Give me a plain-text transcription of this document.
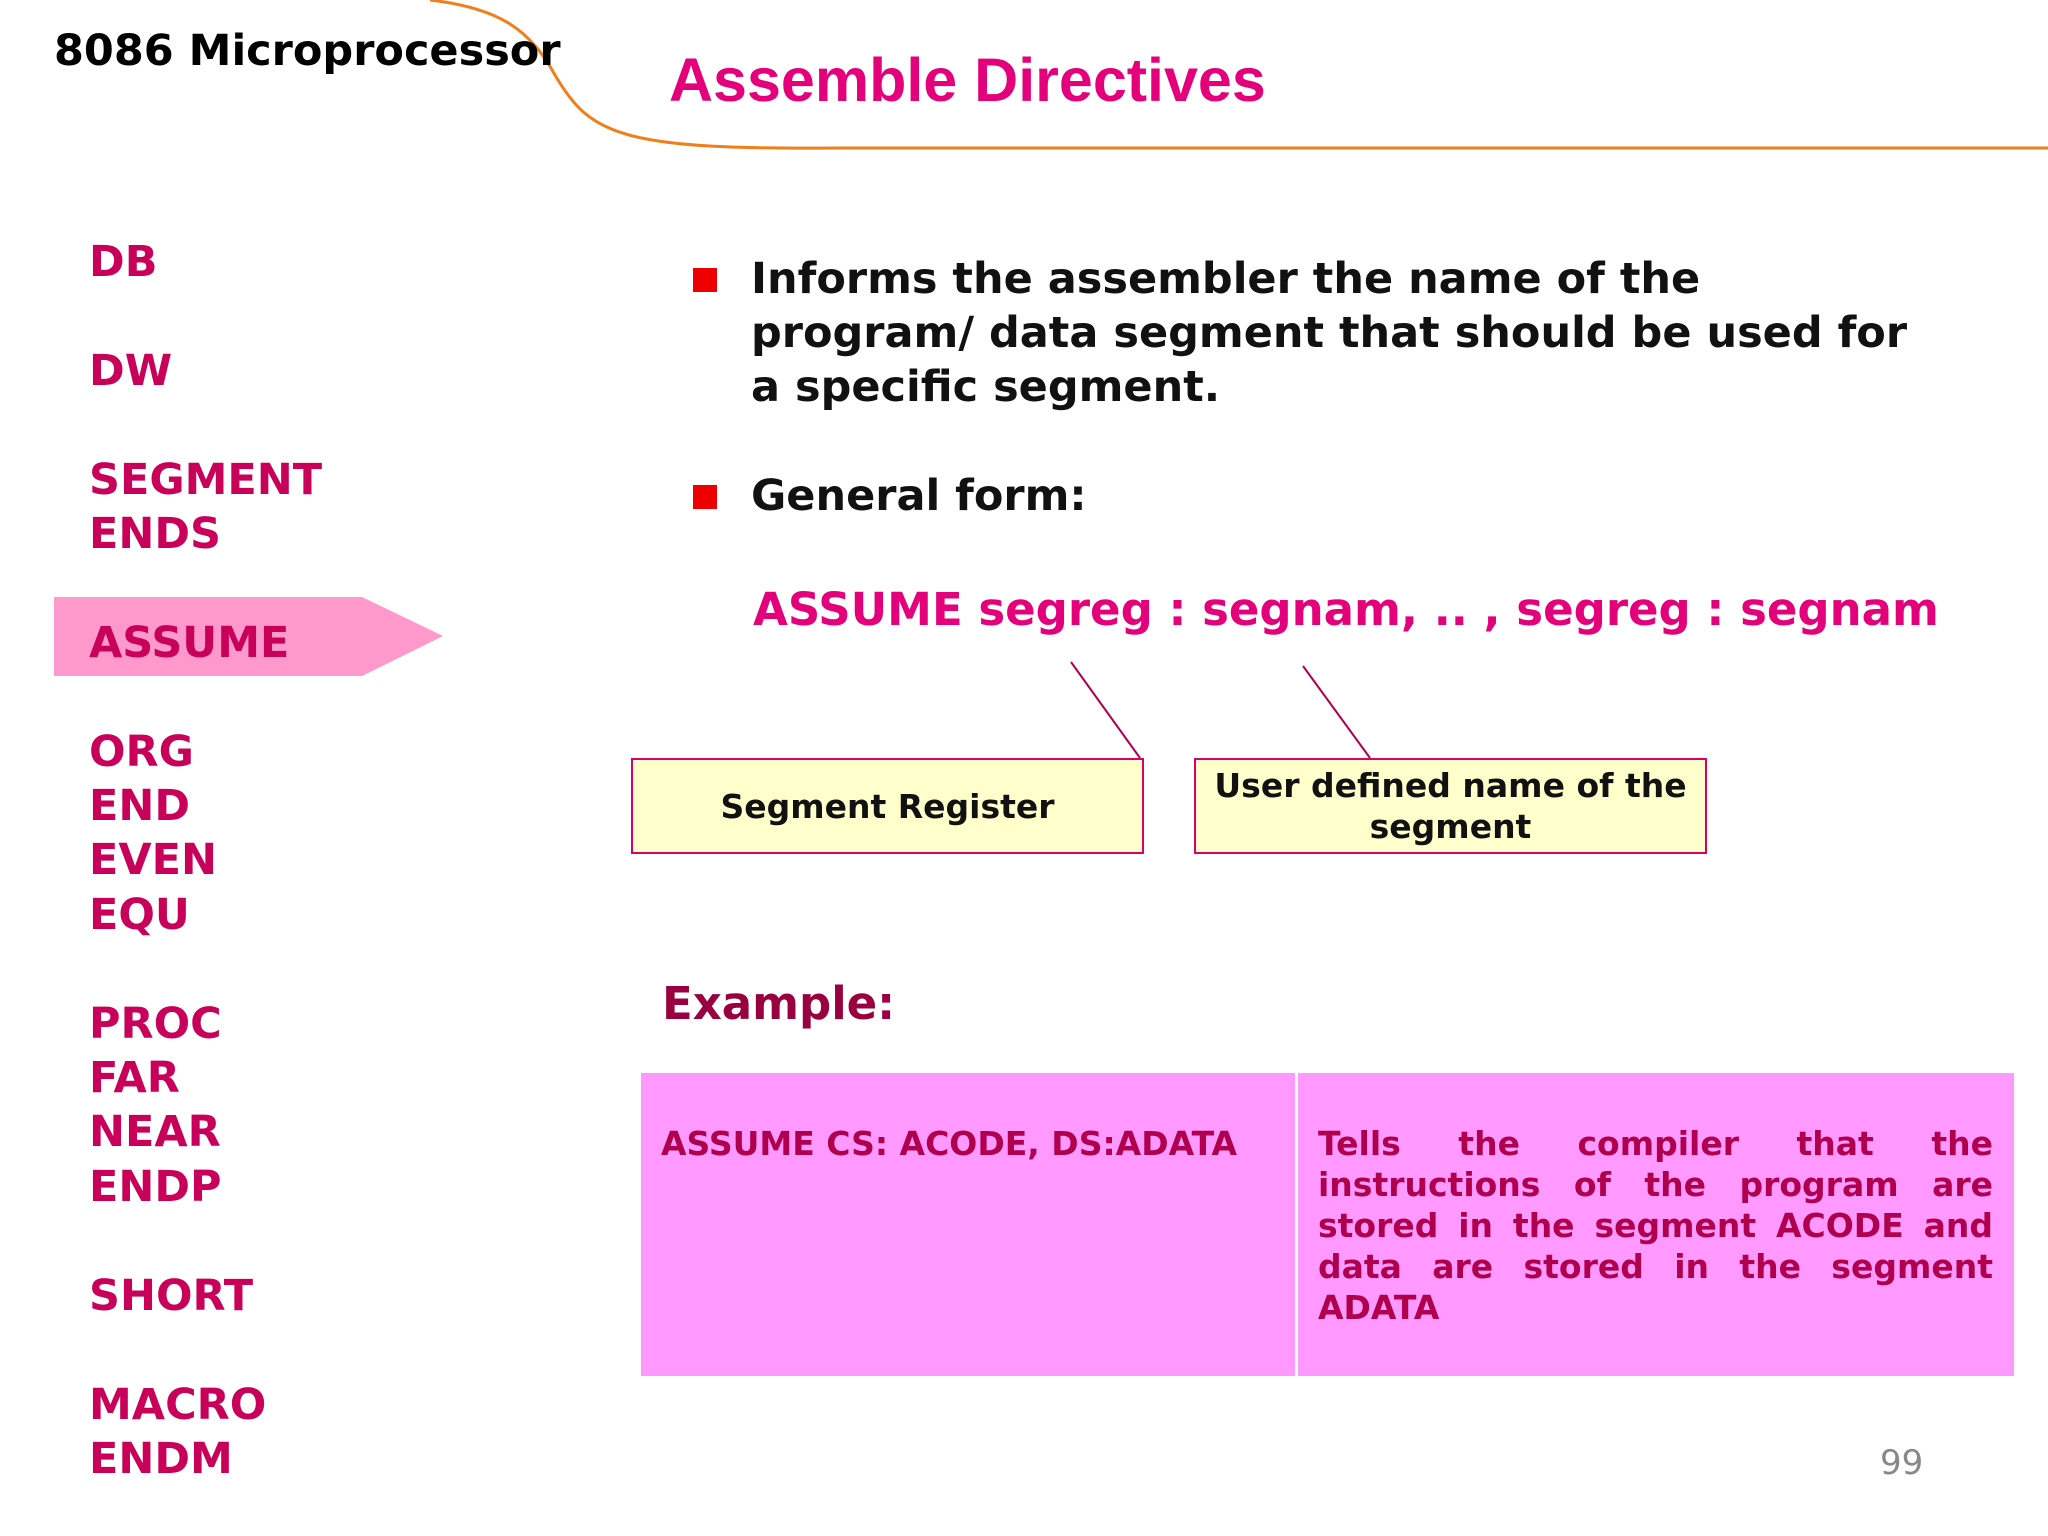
8086 Microprocessor Assemble Directives
DB
DW
SEGMENT
ENDS
ASSUME
ORG
END
EVEN
EQU
PROC
FAR
NEAR
ENDP
SHORT
MACRO
ENDM
Informs the assembler the name of the program/ data segment that should be used for a specific segment.
General form:
ASSUME segreg : segnam, .. , segreg : segnam
Segment Register
User defined name of the segment
Example:
ASSUME CS: ACODE, DS:ADATA	Tells the compiler that the instructions of the program are stored in the segment ACODE and data are stored in the segment ADATA
99
